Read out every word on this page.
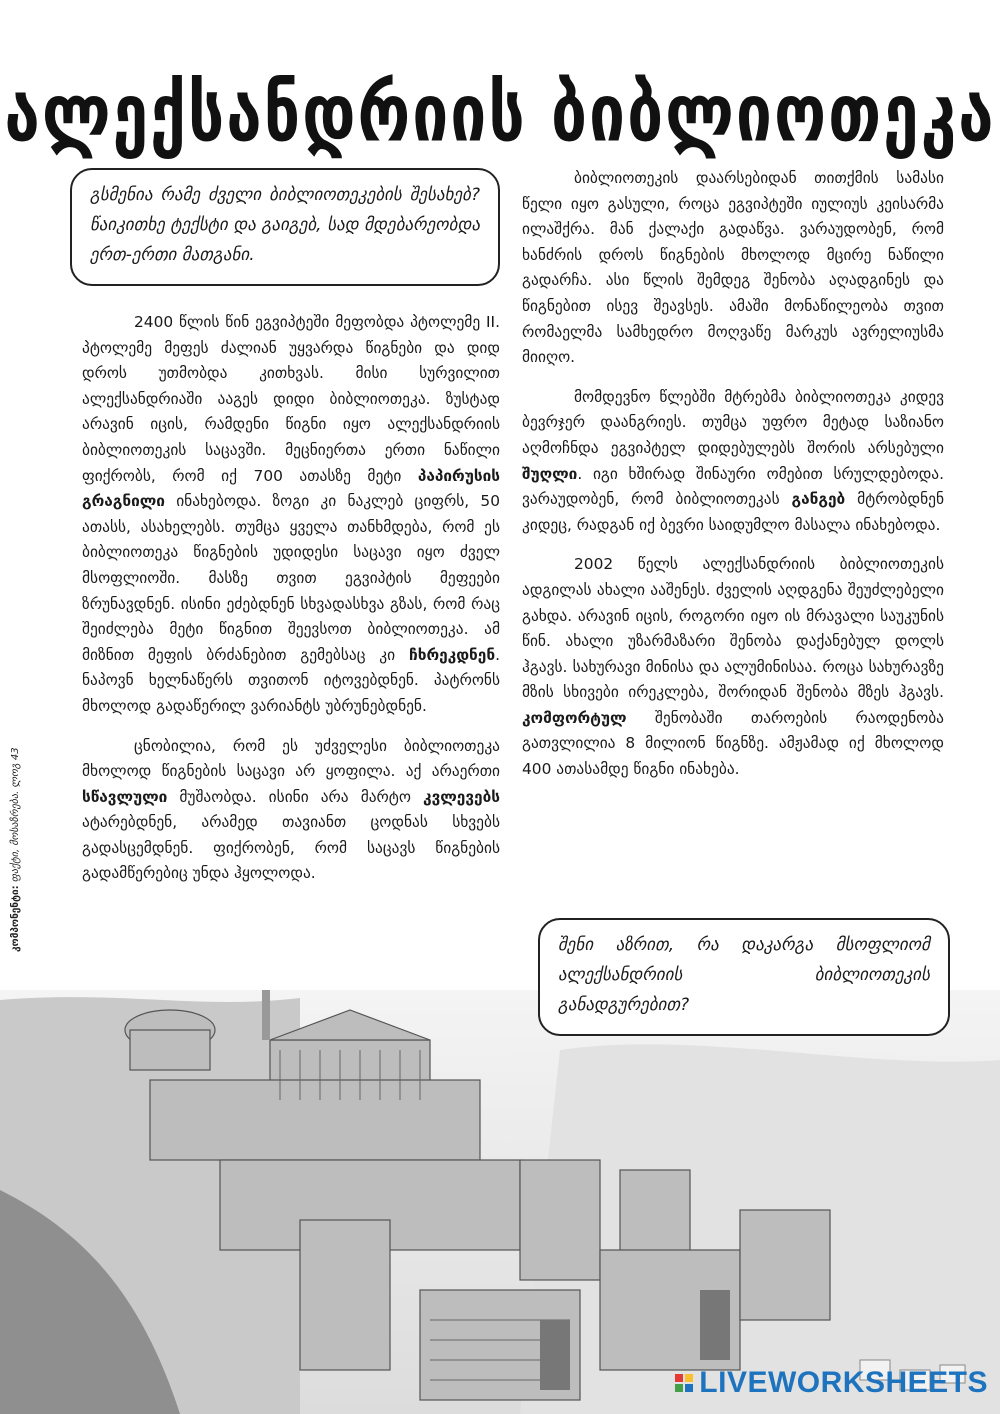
ალექსანდრიის ბიბლიოთეკა
გსმენია რამე ძველი ბიბლიოთეკების შესახებ? წაიკითხე ტექსტი და გაიგებ, სად მდებარეობდა ერთ-ერთი მათგანი.

2400 წლის წინ ეგვიპტეში მეფობდა პტოლემე II. პტოლემე მეფეს ძალიან უყვარდა წიგნები და დიდ დროს უთმობდა კითხვას. მისი სურვილით ალექსანდრიაში ააგეს დიდი ბიბლიოთეკა. ზუსტად არავინ იცის, რამდენი წიგნი იყო ალექსანდრიის ბიბლიოთეკის საცავში. მეცნიერთა ერთი ნაწილი ფიქრობს, რომ იქ 700 ათასზე მეტი პაპირუსის გრაგნილი ინახებოდა. ზოგი კი ნაკლებ ციფრს, 50 ათასს, ასახელებს. თუმცა ყველა თანხმდება, რომ ეს ბიბლიოთეკა წიგნების უდიდესი საცავი იყო ძველ მსოფლიოში. მასზე თვით ეგვიპტის მეფეები ზრუნავდნენ. ისინი ეძებდნენ სხვადასხვა გზას, რომ რაც შეიძლება მეტი წიგნით შეევსოთ ბიბლიოთეკა. ამ მიზნით მეფის ბრძანებით გემებსაც კი ჩხრეკდნენ. ნაპოვნ ხელნაწერს თვითონ იტოვებდნენ. პატრონს მხოლოდ გადაწერილ ვარიანტს უბრუნებდნენ.

ცნობილია, რომ ეს უძველესი ბიბლიოთეკა მხოლოდ წიგნების საცავი არ ყოფილა. აქ არაერთი სწავლული მუშაობდა. ისინი არა მარტო კვლევებს ატარებდნენ, არამედ თავიანთ ცოდნას სხვებს გადასცემდნენ. ფიქრობენ, რომ საცავს წიგნების გადამწერებიც უნდა ჰყოლოდა.

ბიბლიოთეკის დაარსებიდან თითქმის სამასი წელი იყო გასული, როცა ეგვიპტეში იულიუს კეისარმა ილაშქრა. მან ქალაქი გადაწვა. ვარაუდობენ, რომ ხანძრის დროს წიგნების მხოლოდ მცირე ნაწილი გადარჩა. ასი წლის შემდეგ შენობა აღადგინეს და წიგნებით ისევ შეავსეს. ამაში მონაწილეობა თვით რომაელმა სამხედრო მოღვაწე მარკუს ავრელიუსმა მიიღო.

მომდევნო წლებში მტრებმა ბიბლიოთეკა კიდევ ბევრჯერ დაანგრიეს. თუმცა უფრო მეტად საზიანო აღმოჩნდა ეგვიპტელ დიდებულებს შორის არსებული შუღლი. იგი ხშირად შინაური ომებით სრულდებოდა. ვარაუდობენ, რომ ბიბლიოთეკას განგებ მტრობდნენ კიდეც, რადგან იქ ბევრი საიდუმლო მასალა ინახებოდა.

2002 წელს ალექსანდრიის ბიბლიოთეკის ადგილას ახალი ააშენეს. ძველის აღდგენა შეუძლებელი გახდა. არავინ იცის, როგორი იყო ის მრავალი საუკუნის წინ. ახალი უზარმაზარი შენობა დაქანებულ დოლს ჰგავს. სახურავი მინისა და ალუმინისაა. როცა სახურავზე მზის სხივები ირეკლება, შორიდან შენობა მზეს ჰგავს. კომფორტულ შენობაში თაროების რაოდენობა გათვლილია 8 მილიონ წიგნზე. ამჟამად იქ მხოლოდ 400 ათასამდე წიგნი ინახება.

კომპონენტი: ფაქტი, მოსაზრება. ლოგ 43
შენი აზრით, რა დაკარგა მსოფლიომ ალექსანდრიის ბიბლიოთეკის განადგურებით?
LIVEWORKSHEETS
